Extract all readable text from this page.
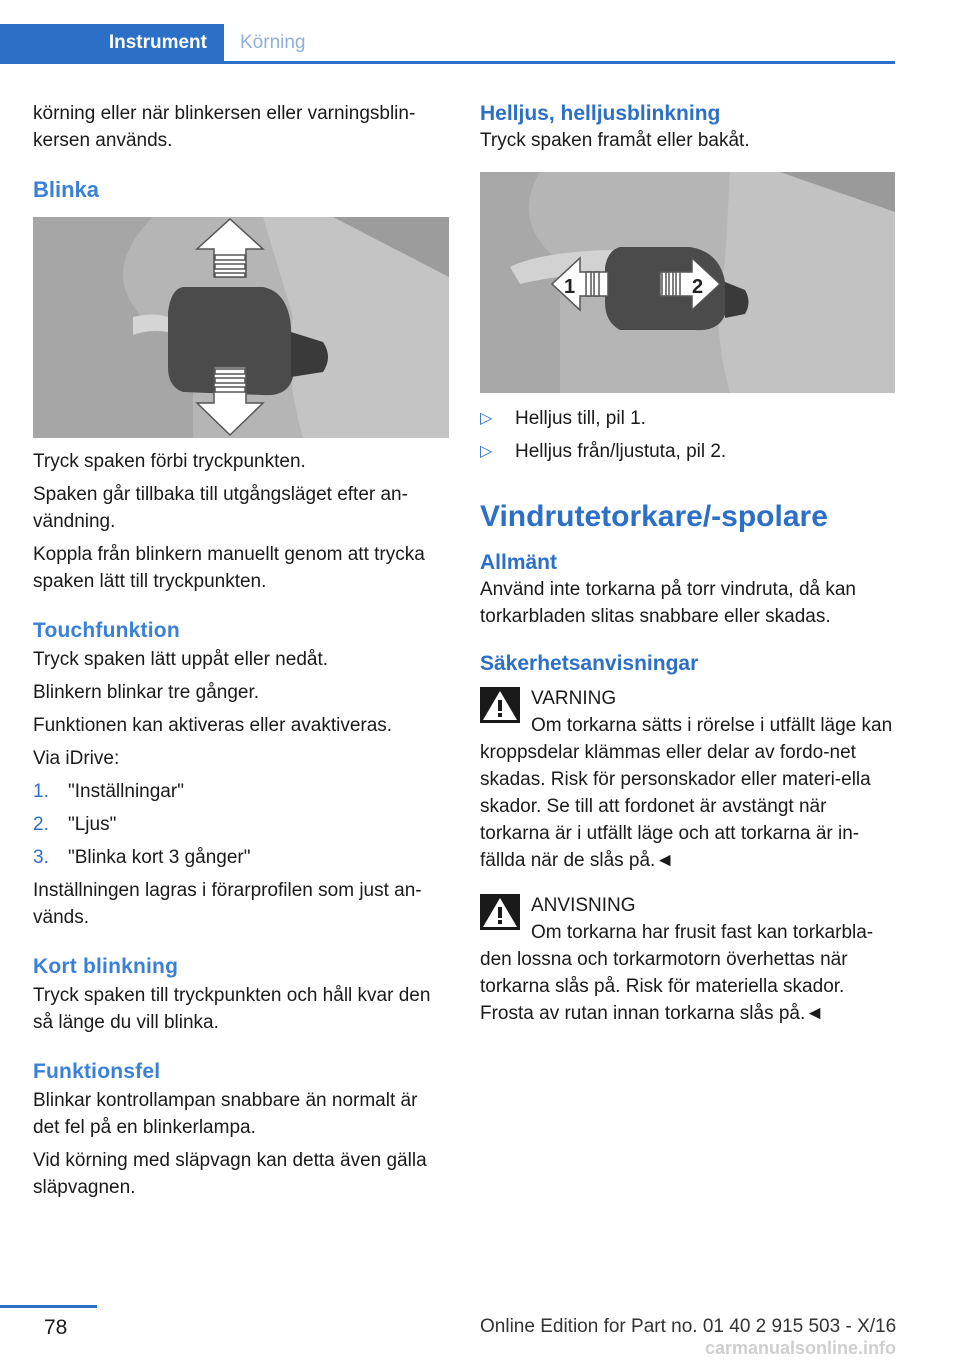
Instrument	Körning

körning eller när blinkersen eller varningsblin-kersen används.

Blinka

Tryck spaken förbi tryckpunkten.

Spaken går tillbaka till utgångsläget efter an-vändning.

Koppla från blinkern manuellt genom att trycka spaken lätt till tryckpunkten.

Touchfunktion

Tryck spaken lätt uppåt eller nedåt.

Blinkern blinkar tre gånger.

Funktionen kan aktiveras eller avaktiveras.

Via iDrive:

1. "Inställningar"
2. "Ljus"
3. "Blinka kort 3 gånger"

Inställningen lagras i förarprofilen som just an-vänds.

Kort blinkning

Tryck spaken till tryckpunkten och håll kvar den så länge du vill blinka.

Funktionsfel

Blinkar kontrollampan snabbare än normalt är det fel på en blinkerlampa.

Vid körning med släpvagn kan detta även gälla släpvagnen.

Helljus, helljusblinkning

Tryck spaken framåt eller bakåt.

1	2
▷ Helljus till, pil 1.
▷ Helljus från/ljustuta, pil 2.
Vindrutetorkare/-spolare
Allmänt

Använd inte torkarna på torr vindruta, då kan torkarbladen slitas snabbare eller skadas.

Säkerhetsanvisningar
VARNING

Om torkarna sätts i rörelse i utfällt läge kan kroppsdelar klämmas eller delar av fordo-net skadas. Risk för personskador eller materi-ella skador. Se till att fordonet är avstängt när torkarna är i utfällt läge och att torkarna är in-fällda när de slås på.◄

ANVISNING

Om torkarna har frusit fast kan torkarbla-den lossna och torkarmotorn överhettas när torkarna slås på. Risk för materiella skador. Frosta av rutan innan torkarna slås på.◄

78	Online Edition for Part no. 01 40 2 915 503 - X/16
carmanualsonline.info
